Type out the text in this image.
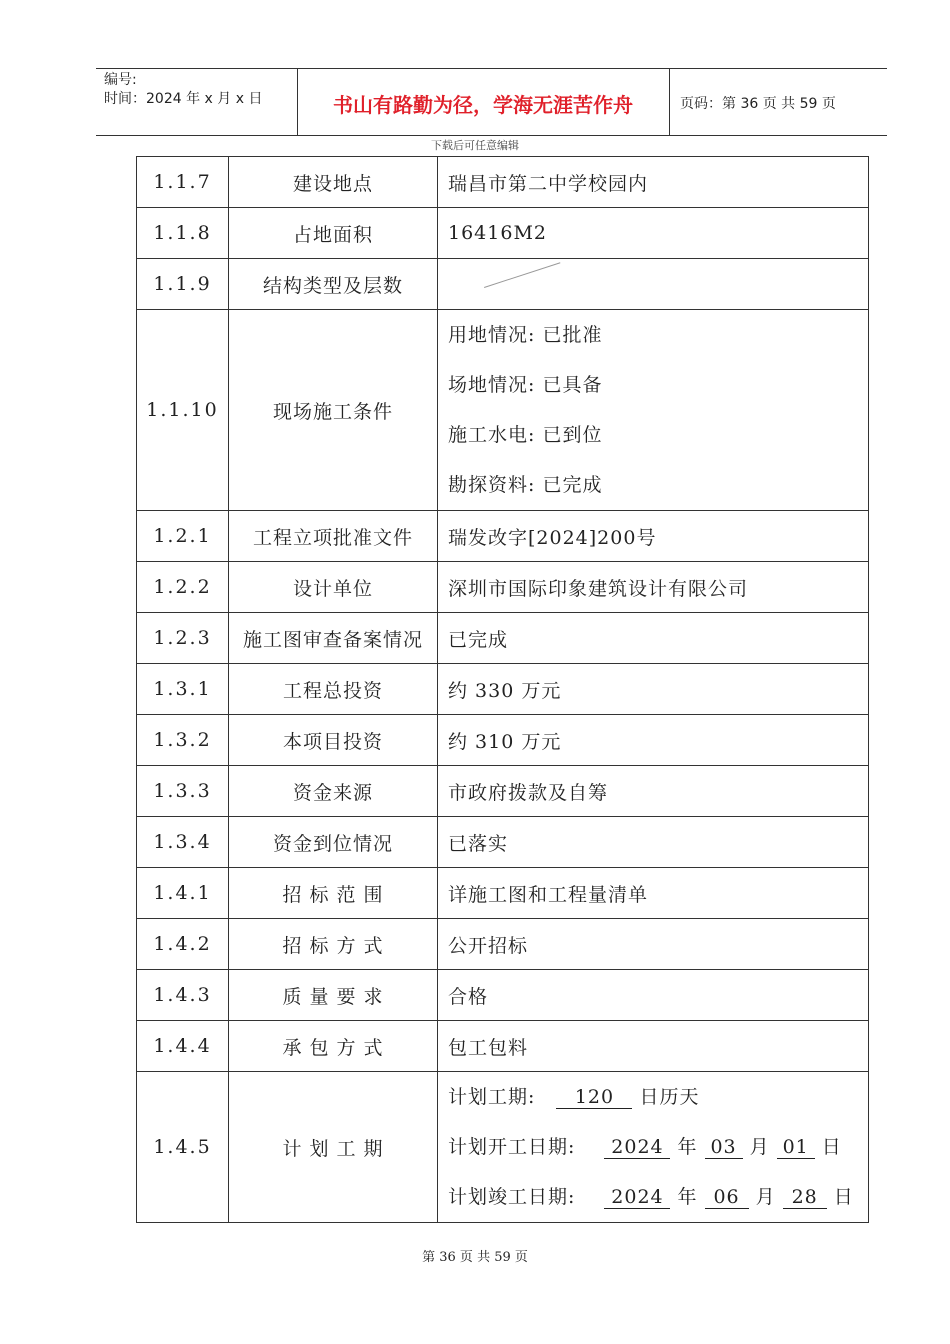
编号:
时间：2024 年 x 月 x 日	书山有路勤为径，学海无涯苦作舟	页码：第 36 页 共 59 页
下载后可任意编辑
1.1.7	建设地点	瑞昌市第二中学校园内
1.1.8	占地面积	16416M2
1.1.9	结构类型及层数	

1.1.10	现场施工条件	用地情况: 已批准
场地情况: 已具备
施工水电: 已到位
勘探资料: 已完成

1.2.1	工程立项批准文件	瑞发改字[2024]200号
1.2.2	设计单位	深圳市国际印象建筑设计有限公司
1.2.3	施工图审查备案情况	已完成
1.3.1	工程总投资	约 330 万元
1.3.2	本项目投资	约 310 万元
1.3.3	资金来源	市政府拨款及自筹
1.3.4	资金到位情况	已落实
1.4.1	招 标 范 围	详施工图和工程量清单
1.4.2	招 标 方 式	公开招标
1.4.3	质 量 要 求	合格
1.4.4	承 包 方 式	包工包料
1.4.5	计 划 工 期	计划工期: 120 日历天
计划开工日期: 2024 年 03 月 01 日
计划竣工日期: 2024 年 06 月 28 日
第 36 页 共 59 页
